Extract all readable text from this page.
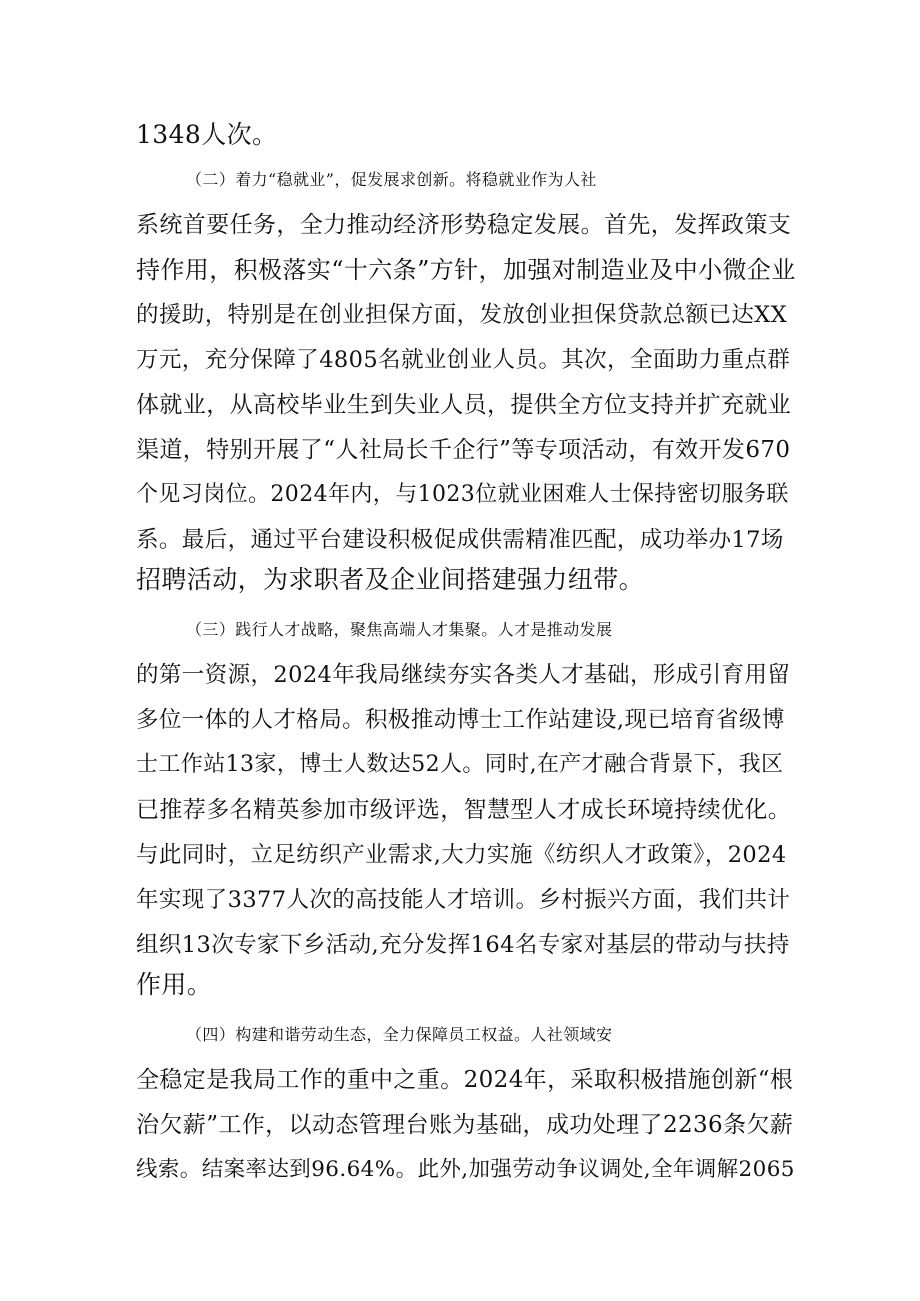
1348人次。
（二）着力“稳就业”，促发展求创新。将稳就业作为人社
系统首要任务，全力推动经济形势稳定发展。首先，发挥政策支
持作用，积极落实“十六条”方针，加强对制造业及中小微企业
的援助，特别是在创业担保方面，发放创业担保贷款总额已达XX
万元，充分保障了4805名就业创业人员。其次，全面助力重点群
体就业，从高校毕业生到失业人员，提供全方位支持并扩充就业
渠道，特别开展了“人社局长千企行”等专项活动，有效开发670
个见习岗位。2024年内，与1023位就业困难人士保持密切服务联
系。最后，通过平台建设积极促成供需精准匹配，成功举办17场
招聘活动，为求职者及企业间搭建强力纽带。
（三）践行人才战略，聚焦高端人才集聚。人才是推动发展
的第一资源，2024年我局继续夯实各类人才基础，形成引育用留
多位一体的人才格局。积极推动博士工作站建设,现已培育省级博
士工作站13家，博士人数达52人。同时,在产才融合背景下，我区
已推荐多名精英参加市级评选，智慧型人才成长环境持续优化。
与此同时，立足纺织产业需求,大力实施《纺织人才政策》，2024
年实现了3377人次的高技能人才培训。乡村振兴方面，我们共计
组织13次专家下乡活动,充分发挥164名专家对基层的带动与扶持
作用。
（四）构建和谐劳动生态，全力保障员工权益。人社领域安
全稳定是我局工作的重中之重。2024年，采取积极措施创新“根
治欠薪”工作，以动态管理台账为基础，成功处理了2236条欠薪
线索。结案率达到96.64%。此外,加强劳动争议调处,全年调解2065
